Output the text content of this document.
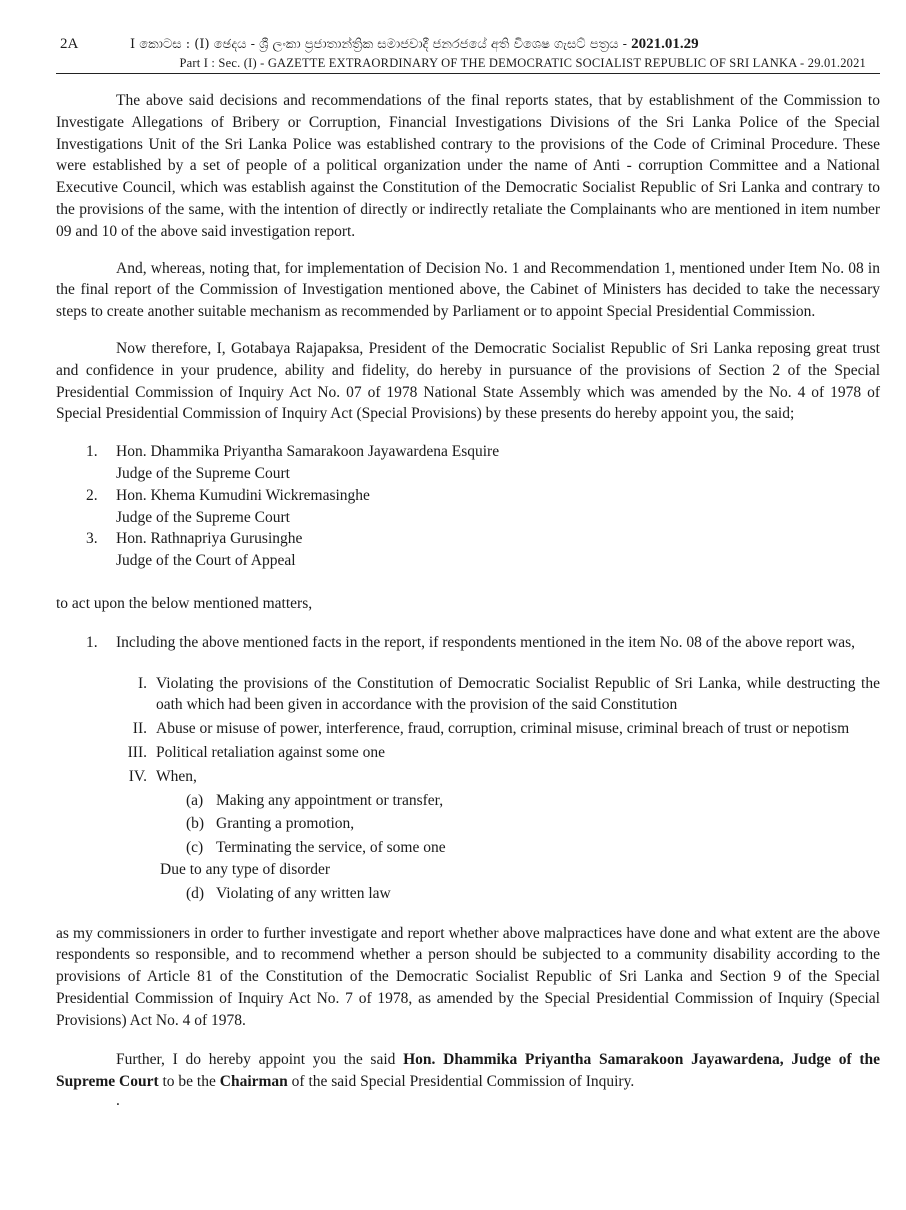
2A	I කොටස : (I) ඡෙදය - ශ්‍රී ලංකා ප්‍රජාතාන්ත්‍රික සමාජවාදී ජනරජයේ අති විශෙෂ ගැසට් පත්‍රය - 2021.01.29
Part I : Sec. (I) - GAZETTE EXTRAORDINARY OF THE DEMOCRATIC SOCIALIST REPUBLIC OF SRI LANKA - 29.01.2021

The above said decisions and recommendations of the final reports states, that by establishment of the Commission to Investigate Allegations of Bribery or Corruption, Financial Investigations Divisions of the Sri Lanka Police of the Special Investigations Unit of the Sri Lanka Police was established contrary to the provisions of the Code of Criminal Procedure. These were established by a set of people of a political organization under the name of Anti - corruption Committee and a National Executive Council, which was establish against the Constitution of the Democratic Socialist Republic of Sri Lanka and contrary to the provisions of the same, with the intention of directly or indirectly retaliate the Complainants who are mentioned in item number 09 and 10 of the above said investigation report.

And, whereas, noting that, for implementation of Decision No. 1 and Recommendation 1, mentioned under Item No. 08 in the final report of the Commission of Investigation mentioned above, the Cabinet of Ministers has decided to take the necessary steps to create another suitable mechanism as recommended by Parliament or to appoint Special Presidential Commission.

Now therefore, I, Gotabaya Rajapaksa, President of the Democratic Socialist Republic of Sri Lanka reposing great trust and confidence in your prudence, ability and fidelity, do hereby in pursuance of the provisions of Section 2 of the Special Presidential Commission of Inquiry Act No. 07 of 1978 National State Assembly which was amended by the No. 4 of 1978 of Special Presidential Commission of Inquiry Act (Special Provisions) by these presents do hereby appoint you, the said;

1. Hon. Dhammika Priyantha Samarakoon Jayawardena Esquire
Judge of the Supreme Court
2. Hon. Khema Kumudini Wickremasinghe
Judge of the Supreme Court
3. Hon. Rathnapriya Gurusinghe
Judge of the Court of Appeal

to act upon the below mentioned matters,

1. Including the above mentioned facts in the report, if respondents mentioned in the item No. 08 of the above report was,
I. Violating the provisions of the Constitution of Democratic Socialist Republic of Sri Lanka, while destructing the oath which had been given in accordance with the provision of the said Constitution
II. Abuse or misuse of power, interference, fraud, corruption, criminal misuse, criminal breach of trust or nepotism
III. Political retaliation against some one
IV. When,
(a) Making any appointment or transfer,
(b) Granting a promotion,
(c) Terminating the service, of some one
Due to any type of disorder
(d) Violating of any written law

as my commissioners in order to further investigate and report whether above malpractices have done and what extent are the above respondents so responsible, and to recommend whether a person should be subjected to a community disability according to the provisions of Article 81 of the Constitution of the Democratic Socialist Republic of Sri Lanka and Section 9 of the Special Presidential Commission of Inquiry Act No. 7 of 1978, as amended by the Special Presidential Commission of Inquiry (Special Provisions) Act No. 4 of 1978.

Further, I do hereby appoint you the said Hon. Dhammika Priyantha Samarakoon Jayawardena, Judge of the Supreme Court to be the Chairman of the said Special Presidential Commission of Inquiry.

.
